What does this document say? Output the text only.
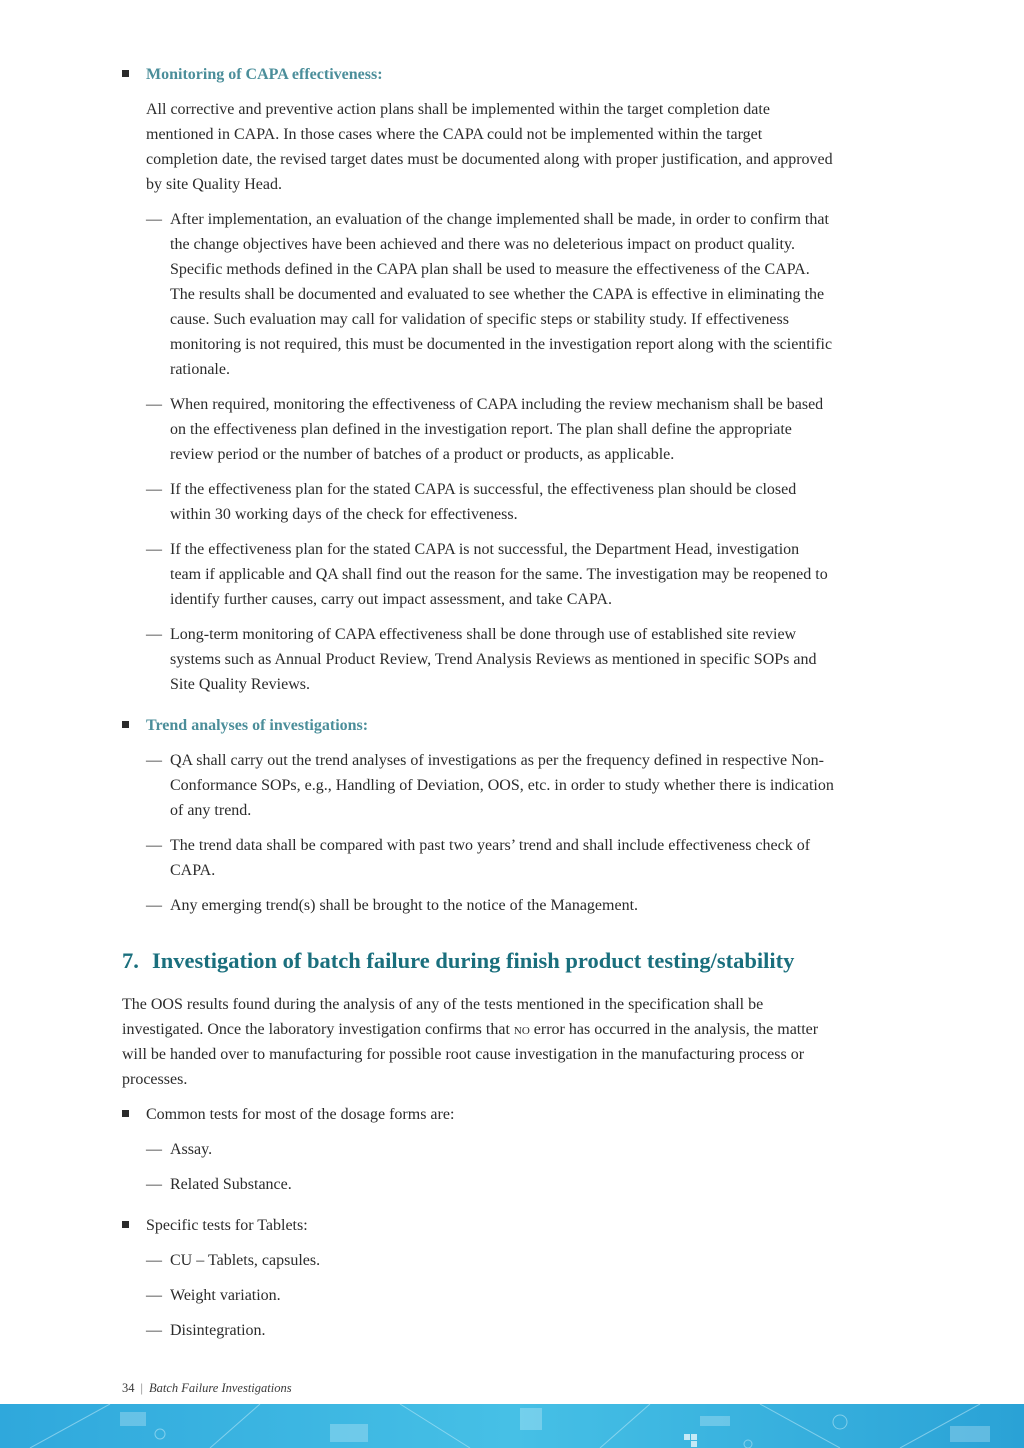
Monitoring of CAPA effectiveness:

All corrective and preventive action plans shall be implemented within the target completion date mentioned in CAPA. In those cases where the CAPA could not be implemented within the target completion date, the revised target dates must be documented along with proper justification, and approved by site Quality Head.

— After implementation, an evaluation of the change implemented shall be made, in order to confirm that the change objectives have been achieved and there was no deleterious impact on product quality. Specific methods defined in the CAPA plan shall be used to measure the effectiveness of the CAPA. The results shall be documented and evaluated to see whether the CAPA is effective in eliminating the cause. Such evaluation may call for validation of specific steps or stability study. If effectiveness monitoring is not required, this must be documented in the investigation report along with the scientific rationale.
— When required, monitoring the effectiveness of CAPA including the review mechanism shall be based on the effectiveness plan defined in the investigation report. The plan shall define the appropriate review period or the number of batches of a product or products, as applicable.
— If the effectiveness plan for the stated CAPA is successful, the effectiveness plan should be closed within 30 working days of the check for effectiveness.
— If the effectiveness plan for the stated CAPA is not successful, the Department Head, investigation team if applicable and QA shall find out the reason for the same. The investigation may be reopened to identify further causes, carry out impact assessment, and take CAPA.
— Long-term monitoring of CAPA effectiveness shall be done through use of established site review systems such as Annual Product Review, Trend Analysis Reviews as mentioned in specific SOPs and Site Quality Reviews.

Trend analyses of investigations:

— QA shall carry out the trend analyses of investigations as per the frequency defined in respective Non-Conformance SOPs, e.g., Handling of Deviation, OOS, etc. in order to study whether there is indication of any trend.
— The trend data shall be compared with past two years’ trend and shall include effectiveness check of CAPA.
— Any emerging trend(s) shall be brought to the notice of the Management.
7. Investigation of batch failure during finish product testing/stability

The OOS results found during the analysis of any of the tests mentioned in the specification shall be investigated. Once the laboratory investigation confirms that no error has occurred in the analysis, the matter will be handed over to manufacturing for possible root cause investigation in the manufacturing process or processes.

Common tests for most of the dosage forms are:

— Assay.
— Related Substance.

Specific tests for Tablets:

— CU – Tablets, capsules.
— Weight variation.
— Disintegration.
34 | Batch Failure Investigations
